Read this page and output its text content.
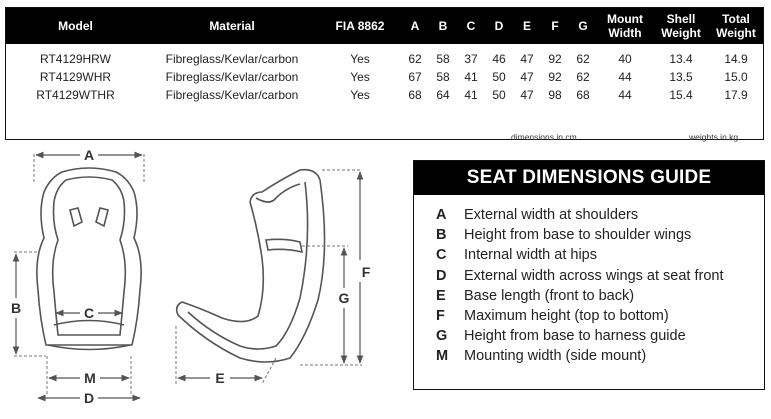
Model	Material	FIA 8862	A	B	C	D	E	F	G	Mount Width	Shell Weight	Total Weight
RT4129HRW	Fibreglass/Kevlar/carbon	Yes	62	58	37	46	47	92	62	40	13.4	14.9
RT4129WHR	Fibreglass/Kevlar/carbon	Yes	67	58	41	50	47	92	62	44	13.5	15.0
RT4129WTHR	Fibreglass/Kevlar/carbon	Yes	68	64	41	50	47	98	68	44	15.4	17.9
dimensions in cm	weights in kg
A
B	C
M
D
F
G
E
SEAT DIMENSIONS GUIDE
A External width at shoulders
B Height from base to shoulder wings
C Internal width at hips
D External width across wings at seat front
E Base length (front to back)
F Maximum height (top to bottom)
G Height from base to harness guide
M Mounting width (side mount)
